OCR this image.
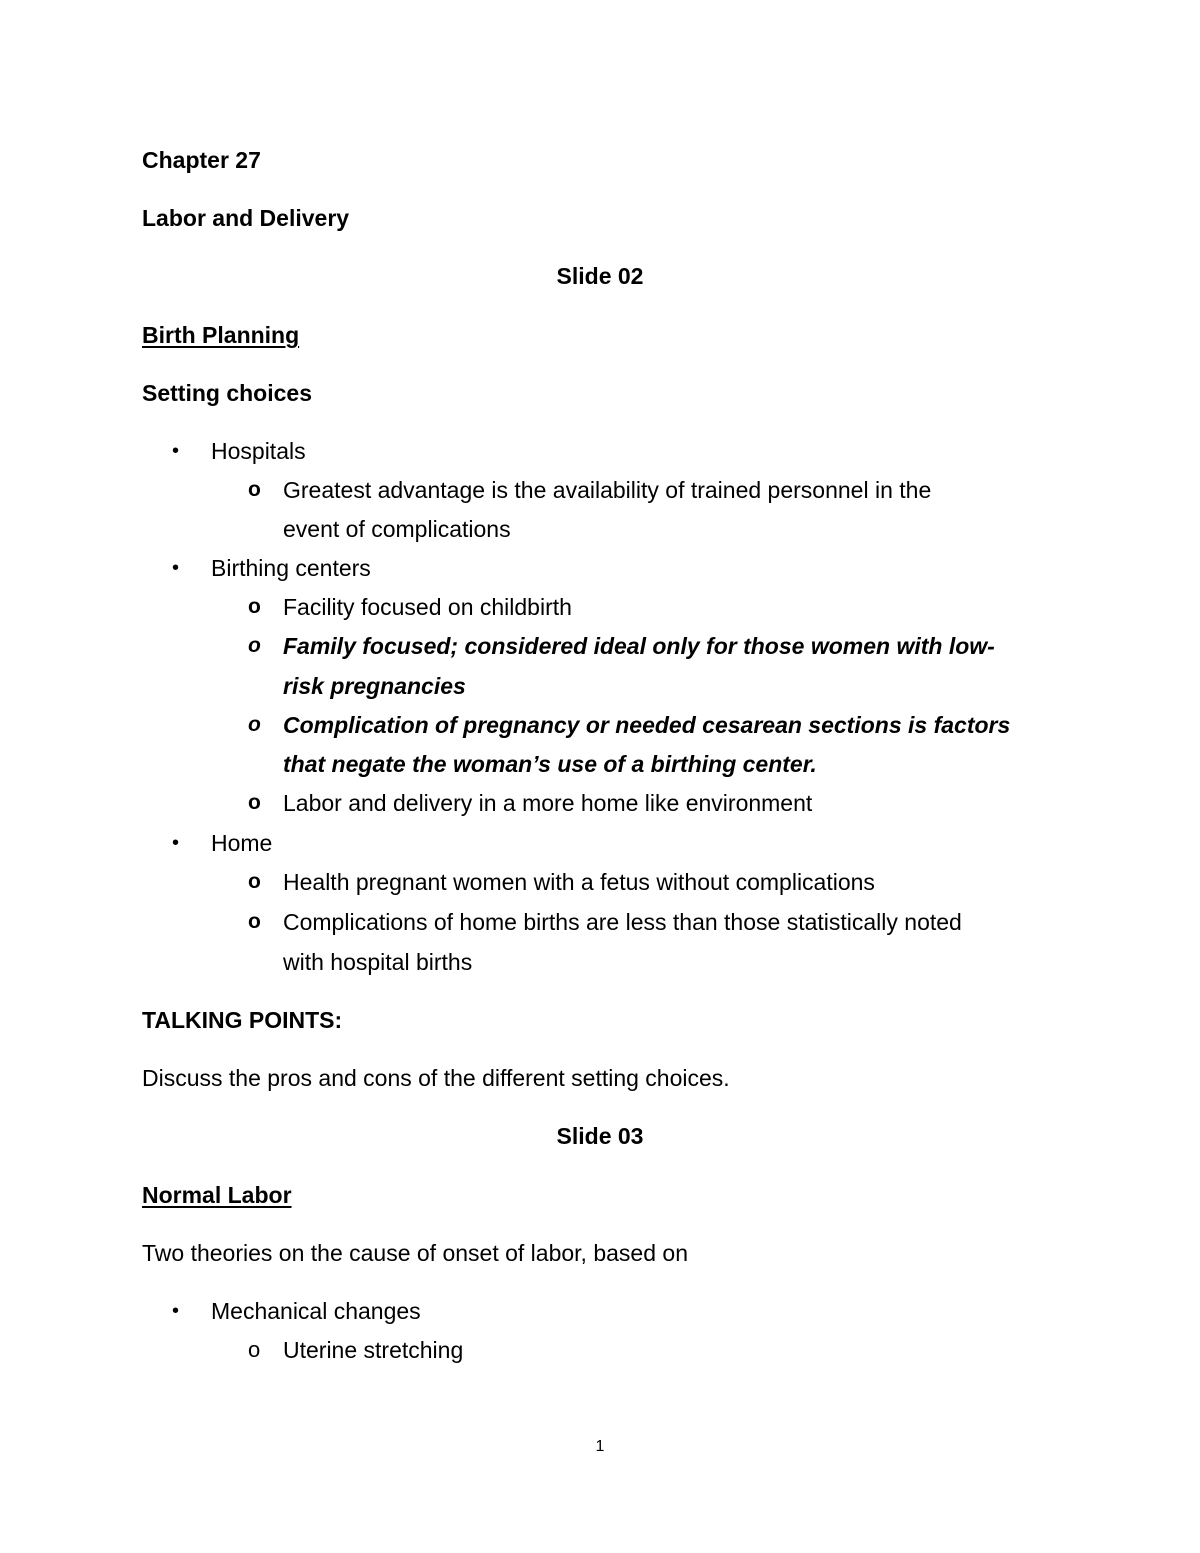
Chapter 27
Labor and Delivery
Slide 02
Birth Planning
Setting choices
• Hospitals
o Greatest advantage is the availability of trained personnel in the
event of complications
• Birthing centers
o Facility focused on childbirth
o Family focused; considered ideal only for those women with low-
risk pregnancies
o Complication of pregnancy or needed cesarean sections is factors
that negate the woman’s use of a birthing center.
o Labor and delivery in a more home like environment
• Home
o Health pregnant women with a fetus without complications
o Complications of home births are less than those statistically noted
with hospital births
TALKING POINTS:
Discuss the pros and cons of the different setting choices.
Slide 03
Normal Labor
Two theories on the cause of onset of labor, based on
• Mechanical changes
o Uterine stretching
1
